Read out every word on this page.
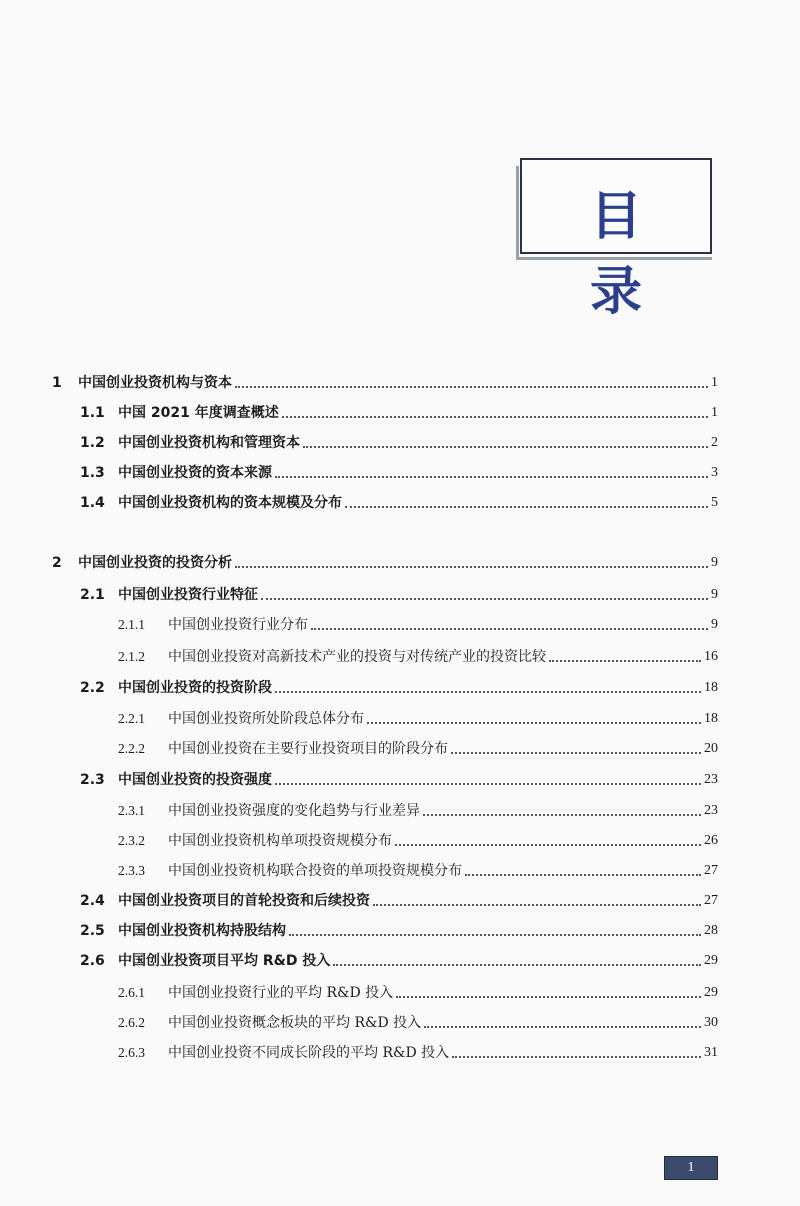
目 录
1	中国创业投资机构与资本	1
1.1 中国 2021 年度调查概述	1
1.2 中国创业投资机构和管理资本	2
1.3 中国创业投资的资本来源	3
1.4 中国创业投资机构的资本规模及分布	5
2	中国创业投资的投资分析	9
2.1 中国创业投资行业特征	9
2.1.1	中国创业投资行业分布	9
2.1.2	中国创业投资对高新技术产业的投资与对传统产业的投资比较	16
2.2 中国创业投资的投资阶段	18
2.2.1	中国创业投资所处阶段总体分布	18
2.2.2	中国创业投资在主要行业投资项目的阶段分布	20
2.3 中国创业投资的投资强度	23
2.3.1	中国创业投资强度的变化趋势与行业差异	23
2.3.2	中国创业投资机构单项投资规模分布	26
2.3.3	中国创业投资机构联合投资的单项投资规模分布	27
2.4 中国创业投资项目的首轮投资和后续投资	27
2.5 中国创业投资机构持股结构	28
2.6 中国创业投资项目平均 R&D 投入	29
2.6.1	中国创业投资行业的平均 R&D 投入	29
2.6.2	中国创业投资概念板块的平均 R&D 投入	30
2.6.3	中国创业投资不同成长阶段的平均 R&D 投入	31
1
